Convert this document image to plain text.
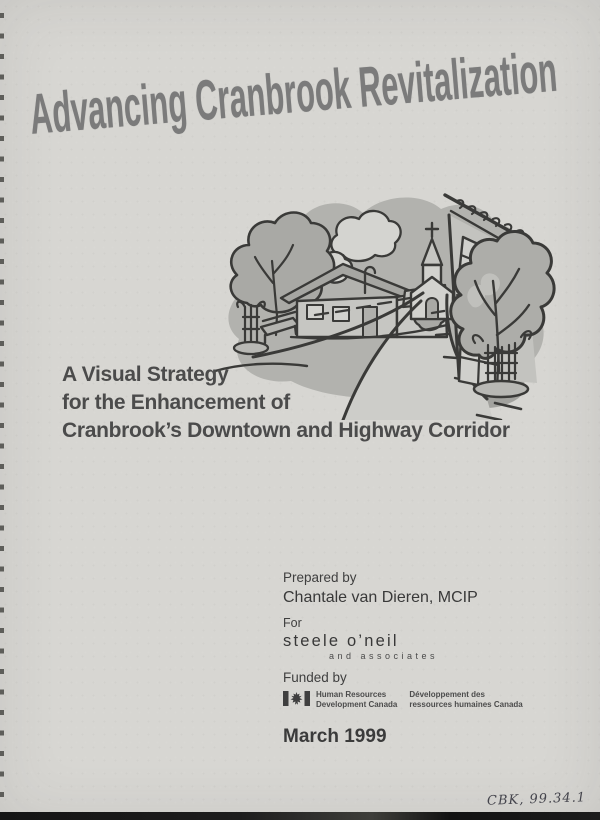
Advancing Cranbrook Revitalization
A Visual Strategy
for the Enhancement of
Cranbrook’s Downtown and Highway Corridor
Prepared by
Chantale van Dieren, MCIP
For
steele o’neil
and associates
Funded by
Human Resources
Development Canada
Développement des
ressources humaines Canada
March 1999
CBK, 99.34.1
